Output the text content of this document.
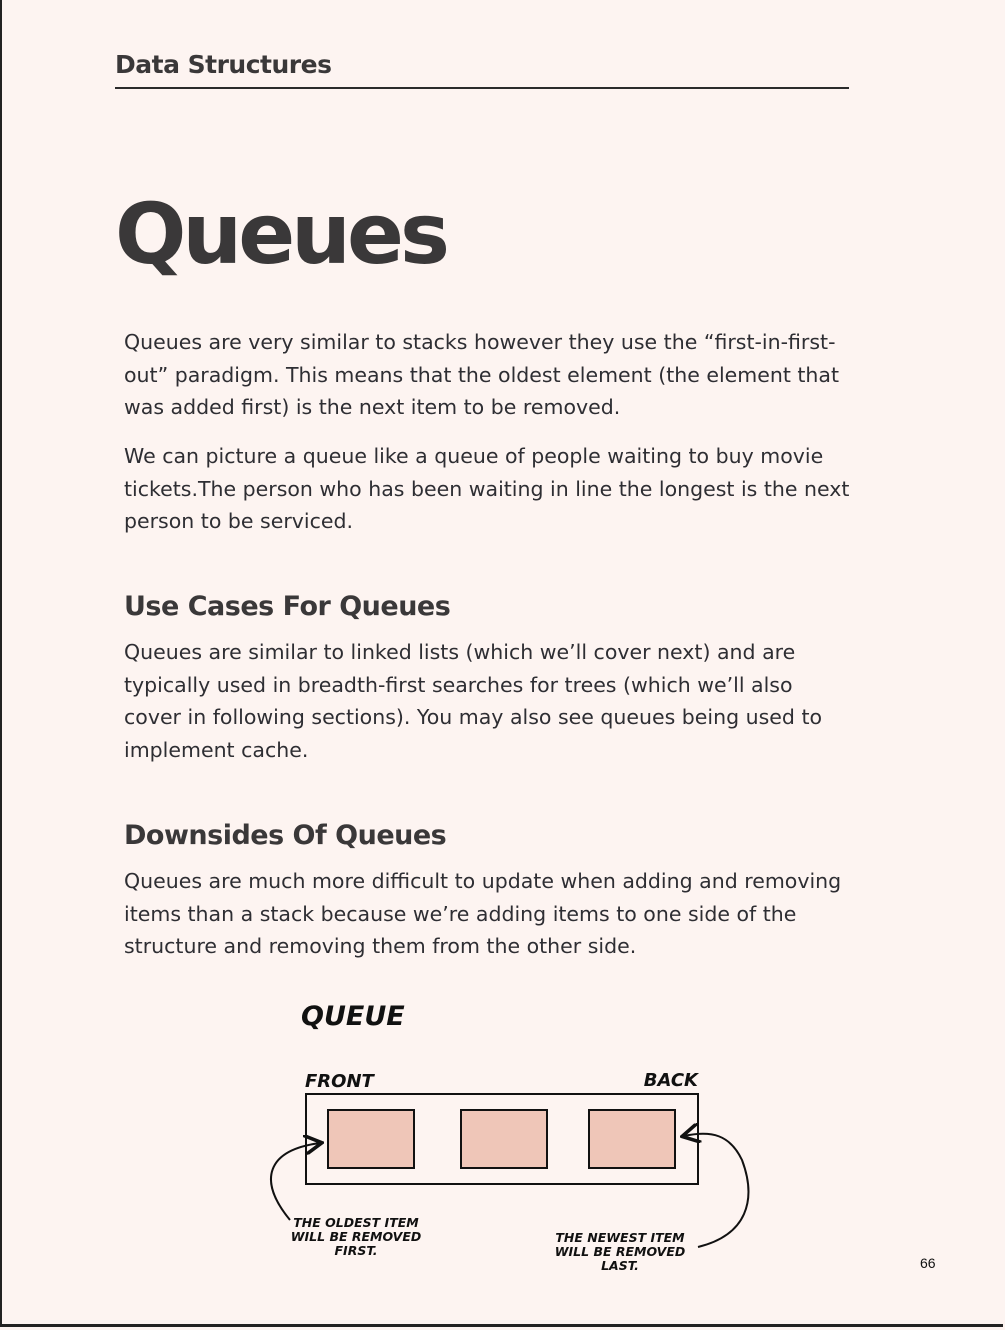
Data Structures
Queues

Queues are very similar to stacks however they use the “first-in-first-out” paradigm. This means that the oldest element (the element that was added first) is the next item to be removed.

We can picture a queue like a queue of people waiting to buy movie tickets.The person who has been waiting in line the longest is the next person to be serviced.

Use Cases For Queues

Queues are similar to linked lists (which we’ll cover next) and are typically used in breadth-first searches for trees (which we’ll also cover in following sections). You may also see queues being used to implement cache.

Downsides Of Queues

Queues are much more difficult to update when adding and removing items than a stack because we’re adding items to one side of the structure and removing them from the other side.

QUEUE
FRONT	BACK
THE OLDEST ITEM
WILL BE REMOVED
FIRST.
THE NEWEST ITEM
WILL BE REMOVED
LAST.	66
